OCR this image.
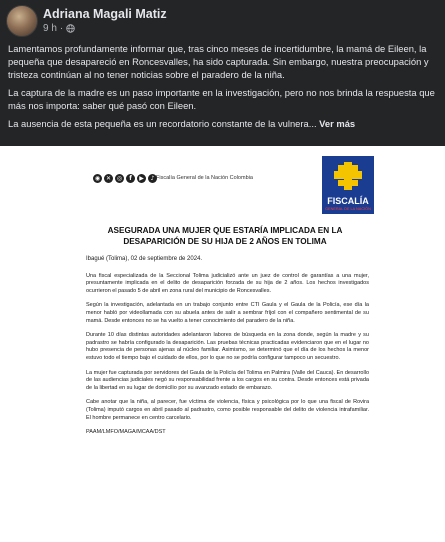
Adriana Magali Matiz
9 h ·

Lamentamos profundamente informar que, tras cinco meses de incertidumbre, la mamá de Eileen, la pequeña que desapareció en Roncesvalles, ha sido capturada. Sin embargo, nuestra preocupación y tristeza continúan al no tener noticias sobre el paradero de la niña.

La captura de la madre es un paso importante en la investigación, pero no nos brinda la respuesta que más nos importa: saber qué pasó con Eileen.

La ausencia de esta pequeña es un recordatorio constante de la vulnera... Ver más

◉ ✕ ◎	f	▶	♪ Fiscalía General de la Nación Colombia
FISCALÍA
GENERAL DE LA NACIÓN
ASEGURADA UNA MUJER QUE ESTARÍA IMPLICADA EN LA DESAPARICIÓN DE SU HIJA DE 2 AÑOS EN TOLIMA

Ibagué (Tolima), 02 de septiembre de 2024.

Una fiscal especializada de la Seccional Tolima judicializó ante un juez de control de garantías a una mujer, presuntamente implicada en el delito de desaparición forzada de su hija de 2 años. Los hechos investigados ocurrieron el pasado 5 de abril en zona rural del municipio de Roncesvalles.

Según la investigación, adelantada en un trabajo conjunto entre CTI Gaula y el Gaula de la Policía, ese día la menor habló por videollamada con su abuela antes de salir a sembrar fríjol con el compañero sentimental de su mamá. Desde entonces no se ha vuelto a tener conocimiento del paradero de la niña.

Durante 10 días distintas autoridades adelantaron labores de búsqueda en la zona donde, según la madre y su padrastro se habría configurado la desaparición. Las pruebas técnicas practicadas evidenciaron que en el lugar no hubo presencia de personas ajenas al núcleo familiar. Asimismo, se determinó que el día de los hechos la menor estuvo todo el tiempo bajo el cuidado de ellos, por lo que no se podría configurar tampoco un secuestro.

La mujer fue capturada por servidores del Gaula de la Policía del Tolima en Palmira (Valle del Cauca). En desarrollo de las audiencias judiciales negó su responsabilidad frente a los cargos en su contra. Desde entonces está privada de la libertad en su lugar de domicilio por su avanzado estado de embarazo.

Cabe anotar que la niña, al parecer, fue víctima de violencia, física y psicológica por lo que una fiscal de Rovira (Tolima) imputó cargos en abril pasado al padrastro, como posible responsable del delito de violencia intrafamiliar. El hombre permanece en centro carcelario.

PAAM/LMFO/MAGA/MCAA/DST
